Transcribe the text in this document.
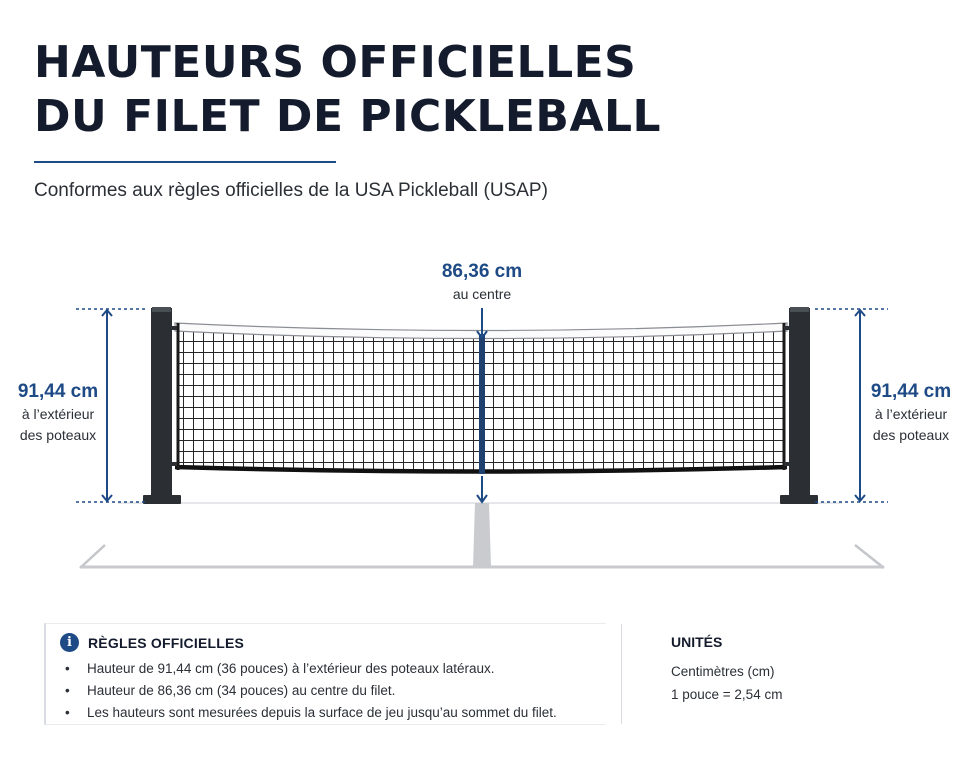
HAUTEURS OFFICIELLES
DU FILET DE PICKLEBALL
Conformes aux règles officielles de la USA Pickleball (USAP)
86,36 cm
au centre
91,44 cm
à l’extérieur
des poteaux
91,44 cm
à l’extérieur
des poteaux
i	RÈGLES OFFICIELLES
• Hauteur de 91,44 cm (36 pouces) à l’extérieur des poteaux latéraux.
• Hauteur de 86,36 cm (34 pouces) au centre du filet.
• Les hauteurs sont mesurées depuis la surface de jeu jusqu’au sommet du filet.
UNITÉS
Centimètres (cm)
1 pouce = 2,54 cm
